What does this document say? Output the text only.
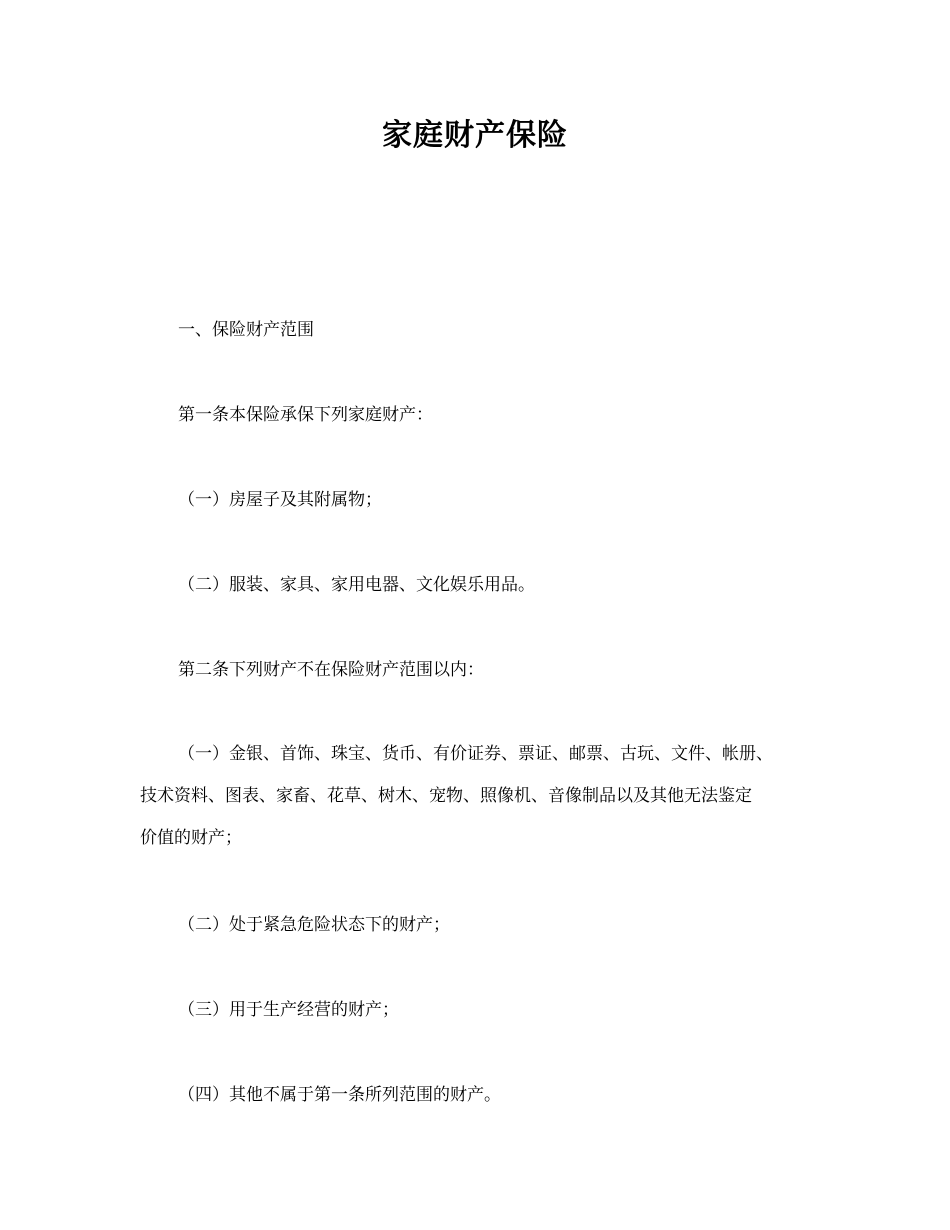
家庭财产保险
一、保险财产范围
第一条本保险承保下列家庭财产：
（一）房屋子及其附属物；
（二）服装、家具、家用电器、文化娱乐用品。
第二条下列财产不在保险财产范围以内：
（一）金银、首饰、珠宝、货币、有价证券、票证、邮票、古玩、文件、帐册、
技术资料、图表、家畜、花草、树木、宠物、照像机、音像制品以及其他无法鉴定
价值的财产；
（二）处于紧急危险状态下的财产；
（三）用于生产经营的财产；
（四）其他不属于第一条所列范围的财产。
